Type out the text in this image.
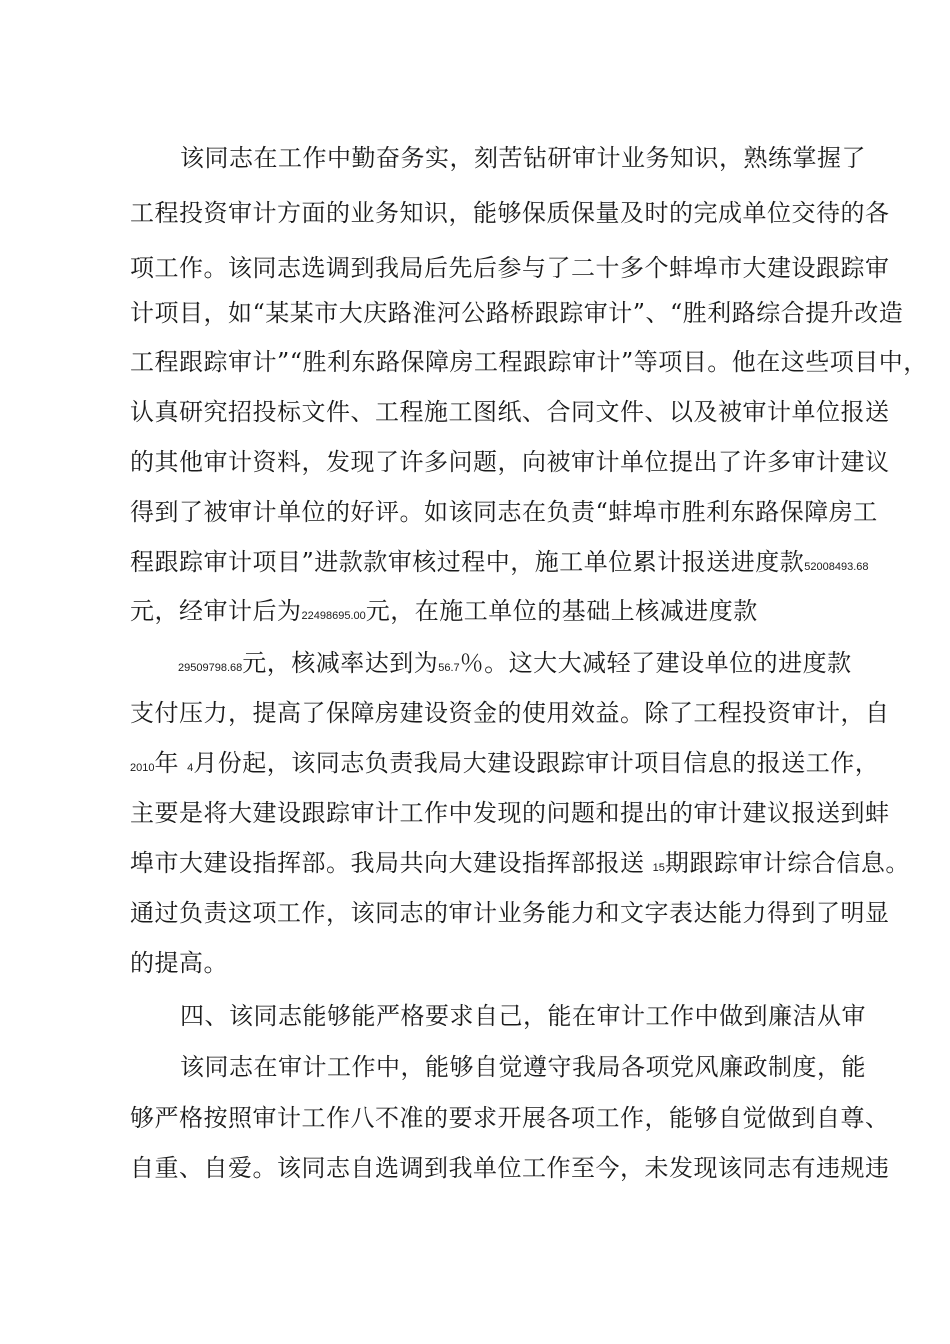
该同志在工作中勤奋务实，刻苦钻研审计业务知识，熟练掌握了
工程投资审计方面的业务知识，能够保质保量及时的完成单位交待的各
项工作。该同志选调到我局后先后参与了二十多个蚌埠市大建设跟踪审
计项目，如“某某市大庆路淮河公路桥跟踪审计”、“胜利路综合提升改造
工程跟踪审计”“胜利东路保障房工程跟踪审计”等项目。他在这些项目中，
认真研究招投标文件、工程施工图纸、合同文件、以及被审计单位报送
的其他审计资料，发现了许多问题，向被审计单位提出了许多审计建议
得到了被审计单位的好评。如该同志在负责“蚌埠市胜利东路保障房工
程跟踪审计项目”进款款审核过程中，施工单位累计报送进度款52008493.68
元，经审计后为22498695.00元，在施工单位的基础上核减进度款
29509798.68元，核减率达到为56.7％。这大大减轻了建设单位的进度款
支付压力，提高了保障房建设资金的使用效益。除了工程投资审计，自
2010年 4月份起，该同志负责我局大建设跟踪审计项目信息的报送工作，
主要是将大建设跟踪审计工作中发现的问题和提出的审计建议报送到蚌
埠市大建设指挥部。我局共向大建设指挥部报送 15期跟踪审计综合信息。
通过负责这项工作，该同志的审计业务能力和文字表达能力得到了明显
的提高。
四、该同志能够能严格要求自己，能在审计工作中做到廉洁从审
该同志在审计工作中，能够自觉遵守我局各项党风廉政制度，能
够严格按照审计工作八不准的要求开展各项工作，能够自觉做到自尊、
自重、自爱。该同志自选调到我单位工作至今，未发现该同志有违规违
